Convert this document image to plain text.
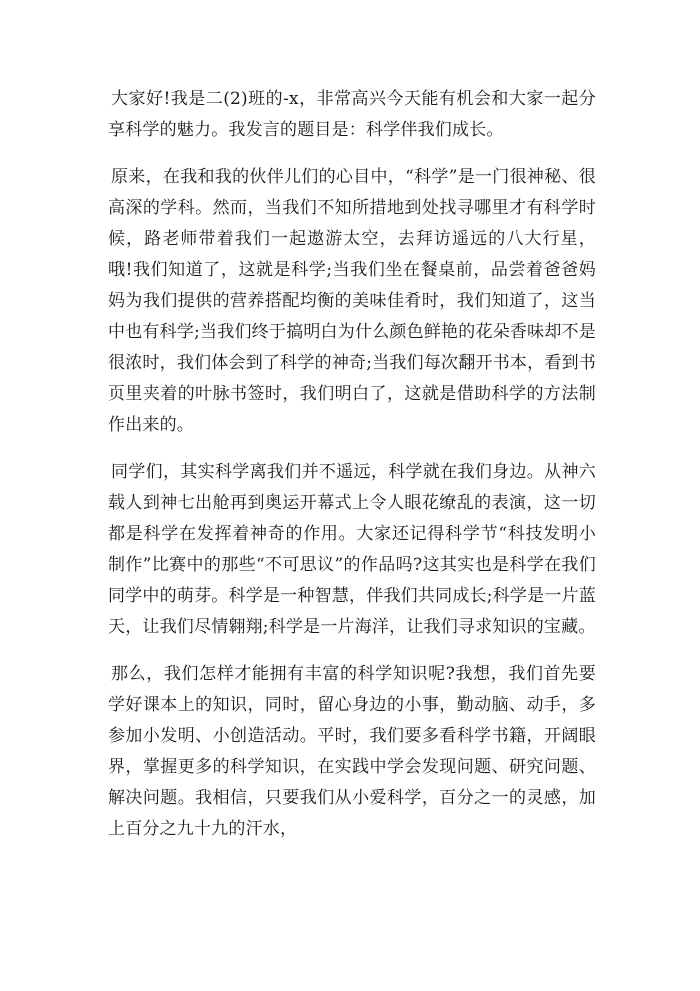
大家好!我是二(2)班的-x，非常高兴今天能有机会和大家一起分享科学的魅力。我发言的题目是：科学伴我们成长。

原来，在我和我的伙伴儿们的心目中，“科学”是一门很神秘、很高深的学科。然而，当我们不知所措地到处找寻哪里才有科学时候，路老师带着我们一起遨游太空，去拜访遥远的八大行星，哦!我们知道了，这就是科学;当我们坐在餐桌前，品尝着爸爸妈妈为我们提供的营养搭配均衡的美味佳肴时，我们知道了，这当中也有科学;当我们终于搞明白为什么颜色鲜艳的花朵香味却不是很浓时，我们体会到了科学的神奇;当我们每次翻开书本，看到书页里夹着的叶脉书签时，我们明白了，这就是借助科学的方法制作出来的。

同学们，其实科学离我们并不遥远，科学就在我们身边。从神六载人到神七出舱再到奥运开幕式上令人眼花缭乱的表演，这一切都是科学在发挥着神奇的作用。大家还记得科学节“科技发明小制作”比赛中的那些“不可思议”的作品吗?这其实也是科学在我们同学中的萌芽。科学是一种智慧，伴我们共同成长;科学是一片蓝天，让我们尽情翱翔;科学是一片海洋，让我们寻求知识的宝藏。

那么，我们怎样才能拥有丰富的科学知识呢?我想，我们首先要学好课本上的知识，同时，留心身边的小事，勤动脑、动手，多参加小发明、小创造活动。平时，我们要多看科学书籍，开阔眼界，掌握更多的科学知识，在实践中学会发现问题、研究问题、解决问题。我相信，只要我们从小爱科学，百分之一的灵感，加上百分之九十九的汗水，
